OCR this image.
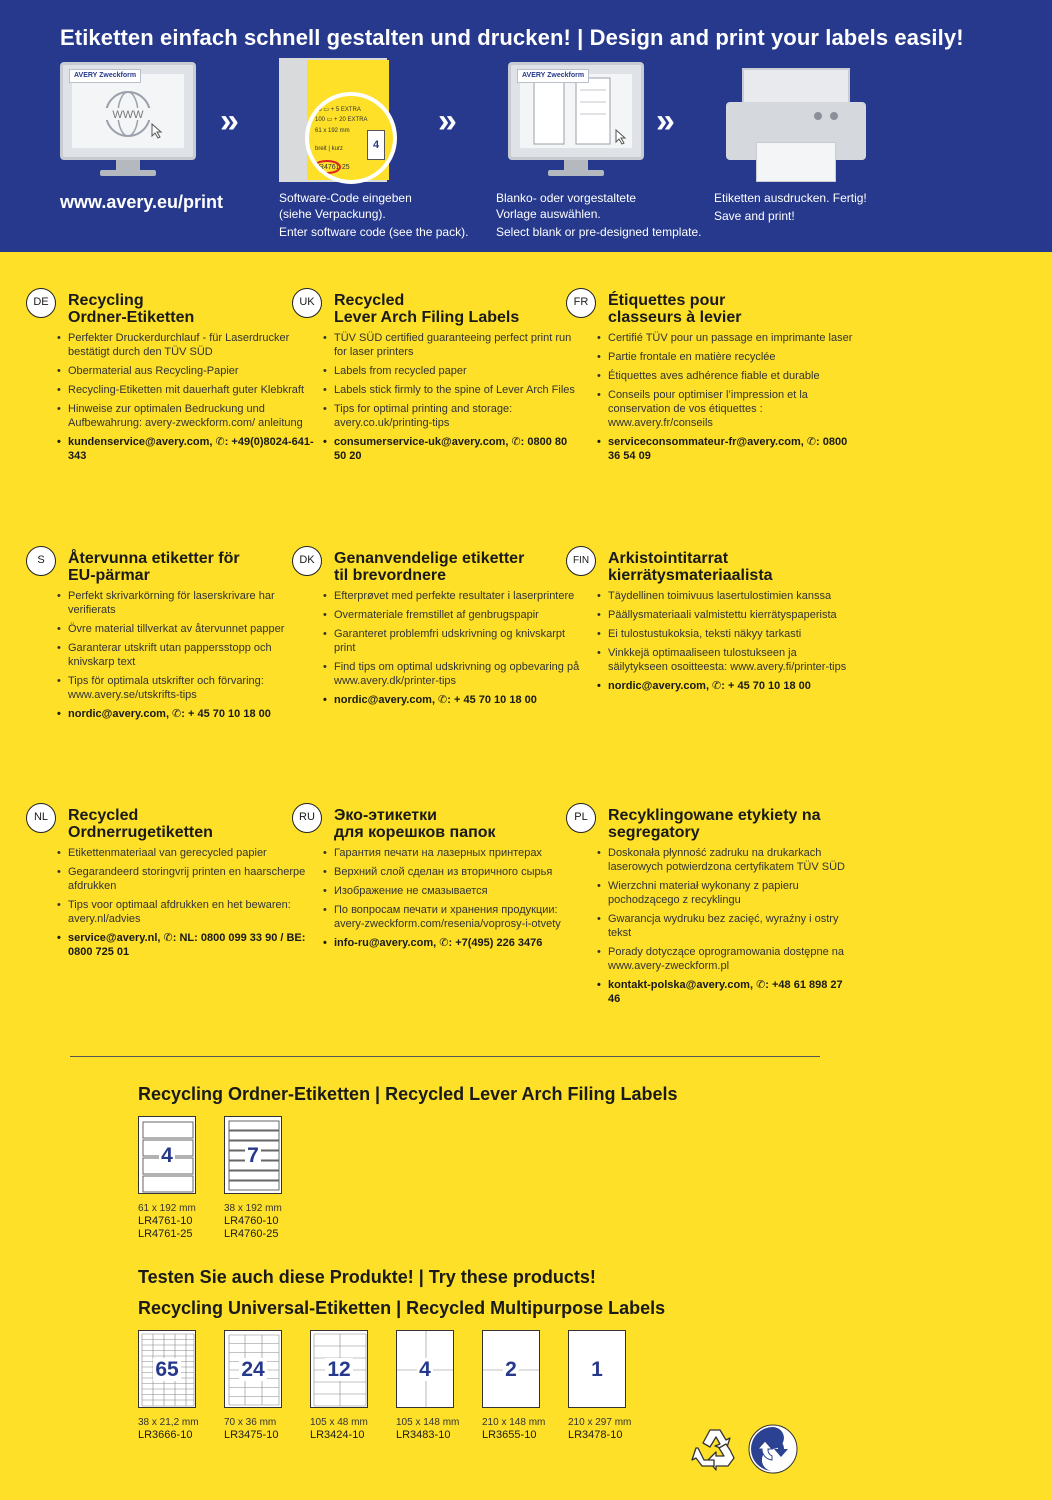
Etiketten einfach schnell gestalten und drucken! | Design and print your labels easily!
WWW
AVERY Zweckform
www.avery.eu/print
»	25 ▭ + 5 EXTRA
100 ▭ + 20 EXTRA
61 x 192 mm
breit | kurz
LR4761-25
4
Software-Code eingeben
(siehe Verpackung).
Enter software code (see the pack).
»
AVERY Zweckform
Blanko- oder vorgestaltete
Vorlage auswählen.
Select blank or pre-designed template.
»
Etiketten ausdrucken. Fertig!
Save and print!
DE	Recycling
Ordner-Etiketten
• Perfekter Druckerdurchlauf - für Laserdrucker bestätigt durch den TÜV SÜD
• Obermaterial aus Recycling-Papier
• Recycling-Etiketten mit dauerhaft guter Klebkraft
• Hinweise zur optimalen Bedruckung und Aufbewahrung: avery-zweckform.com/ anleitung
• kundenservice@avery.com, ✆: +49(0)8024-641-343
UK	Recycled
Lever Arch Filing Labels
• TÜV SÜD certified guaranteeing perfect print run for laser printers
• Labels from recycled paper
• Labels stick firmly to the spine of Lever Arch Files
• Tips for optimal printing and storage: avery.co.uk/printing-tips
• consumerservice-uk@avery.com, ✆: 0800 80 50 20
FR	Étiquettes pour
classeurs à levier
• Certifié TÜV pour un passage en imprimante laser
• Partie frontale en matière recyclée
• Étiquettes aves adhérence fiable et durable
• Conseils pour optimiser l’impression et la conservation de vos étiquettes : www.avery.fr/conseils
• serviceconsommateur-fr@avery.com, ✆: 0800 36 54 09
S	Återvunna etiketter för
EU-pärmar
• Perfekt skrivarkörning för laserskrivare har verifierats
• Övre material tillverkat av återvunnet papper
• Garanterar utskrift utan pappersstopp och knivskarp text
• Tips för optimala utskrifter och förvaring: www.avery.se/utskrifts-tips
• nordic@avery.com, ✆: + 45 70 10 18 00
DK	Genanvendelige etiketter
til brevordnere
• Efterprøvet med perfekte resultater i laserprintere
• Overmateriale fremstillet af genbrugspapir
• Garanteret problemfri udskrivning og knivskarpt print
• Find tips om optimal udskrivning og opbevaring på www.avery.dk/printer-tips
• nordic@avery.com, ✆: + 45 70 10 18 00
FIN	Arkistointitarrat
kierrätysmateriaalista
• Täydellinen toimivuus lasertulostimien kanssa
• Päällysmateriaali valmistettu kierrätyspaperista
• Ei tulostustukoksia, teksti näkyy tarkasti
• Vinkkejä optimaaliseen tulostukseen ja säilytykseen osoitteesta: www.avery.fi/printer-tips
• nordic@avery.com, ✆: + 45 70 10 18 00
NL	Recycled
Ordnerrugetiketten
• Etikettenmateriaal van gerecycled papier
• Gegarandeerd storingvrij printen en haarscherpe afdrukken
• Tips voor optimaal afdrukken en het bewaren: avery.nl/advies
• service@avery.nl, ✆: NL: 0800 099 33 90 / BE: 0800 725 01
RU	Эко-этикетки
для корешков папок
• Гарантия печати на лазерных принтерах
• Верхний слой сделан из вторичного сырья
• Изображение не смазывается
• По вопросам печати и хранения продукции: avery-zweckform.com/resenia/voprosy-i-otvety
• info-ru@avery.com, ✆: +7(495) 226 3476
PL	Recyklingowane etykiety na
segregatory
• Doskonała płynność zadruku na drukarkach laserowych potwierdzona certyfikatem TÜV SÜD
• Wierzchni materiał wykonany z papieru pochodzącego z recyklingu
• Gwarancja wydruku bez zacięć, wyraźny i ostry tekst
• Porady dotyczące oprogramowania dostępne na www.avery-zweckform.pl
• kontakt-polska@avery.com, ✆: +48 61 898 27 46
Recycling Ordner-Etiketten | Recycled Lever Arch Filing Labels
4
61 x 192 mm
LR4761-10
LR4761-25
7
38 x 192 mm
LR4760-10
LR4760-25
Testen Sie auch diese Produkte! | Try these products!
Recycling Universal-Etiketten | Recycled Multipurpose Labels
65
38 x 21,2 mm
LR3666-10
24
70 x 36 mm
LR3475-10
12
105 x 48 mm
LR3424-10
4
105 x 148 mm
LR3483-10
2
210 x 148 mm
LR3655-10
1
210 x 297 mm
LR3478-10
